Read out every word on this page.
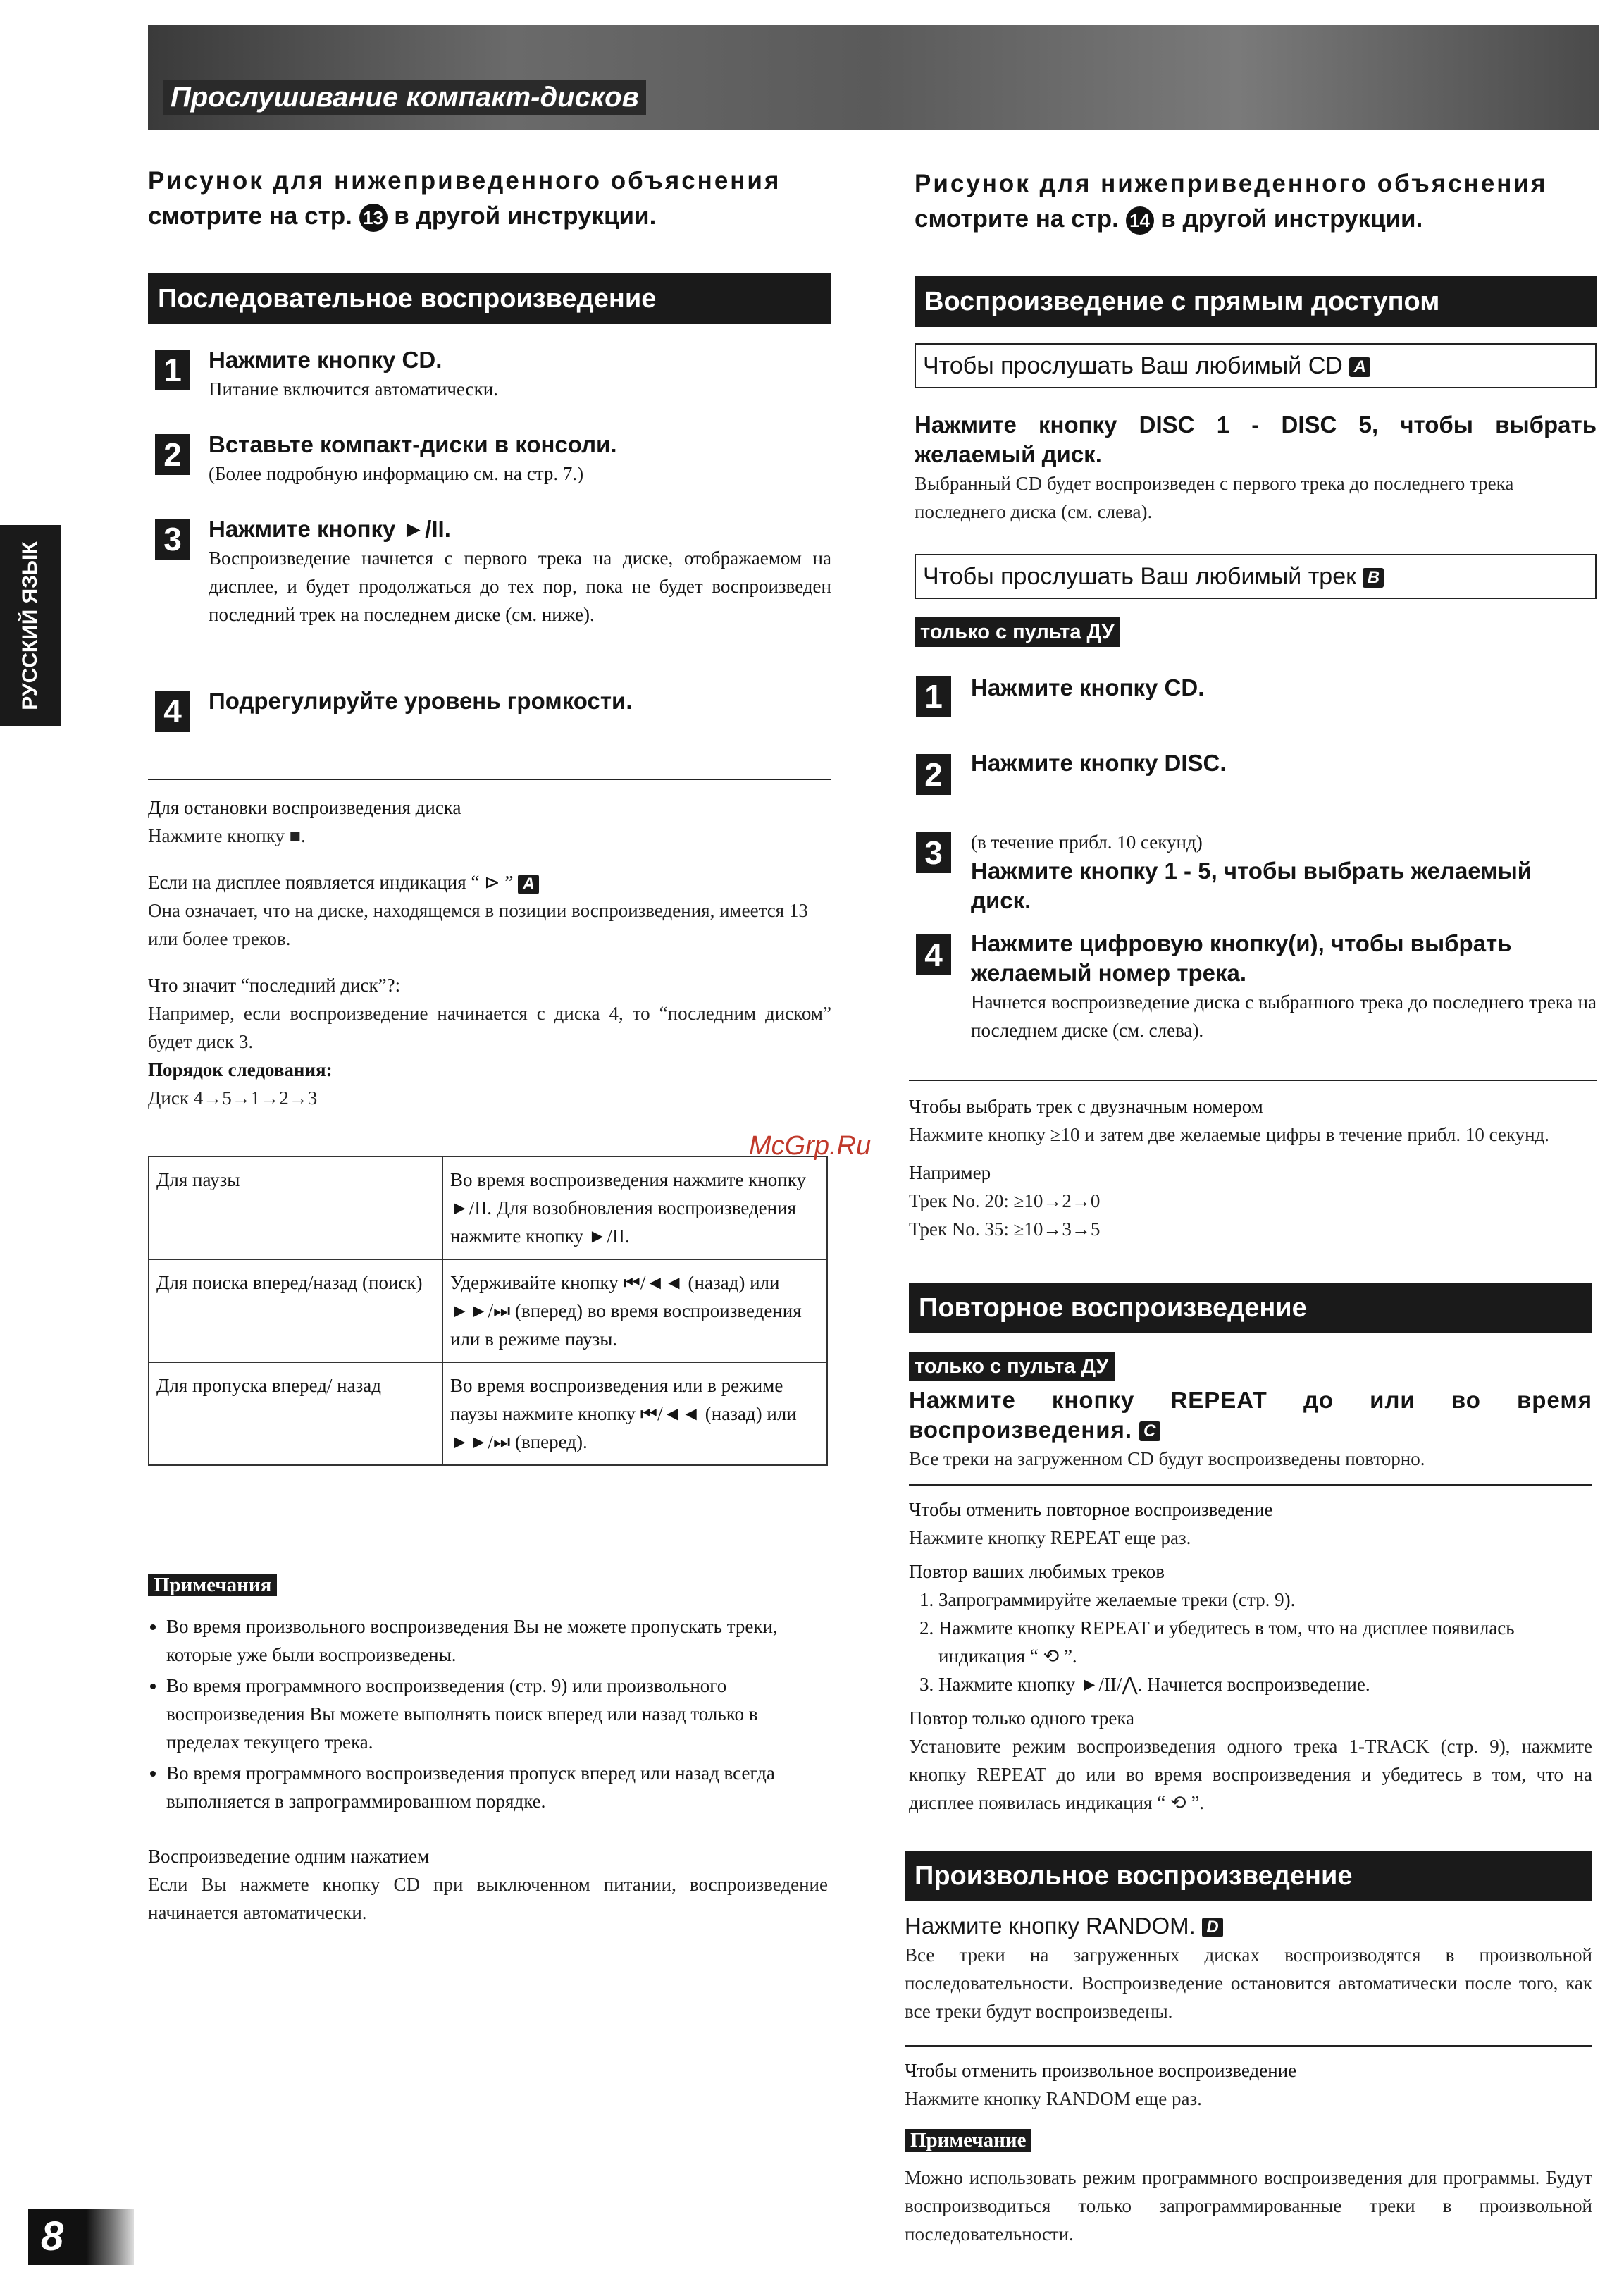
Прослушивание компакт-дисков
РУССКИЙ ЯЗЫК
Рисунок для нижеприведенного объяснения
смотрите на стр. 13 в другой инструкции.
Последовательное воспроизведение
1	Нажмите кнопку CD.
Питание включится автоматически.
2	Вставьте компакт-диски в консоли.
(Более подробную информацию см. на стр. 7.)
3	Нажмите кнопку ►/II.
Воспроизведение начнется с первого трека на диске, отображаемом на дисплее, и будет продолжаться до тех пор, пока не будет воспроизведен последний трек на последнем диске (см. ниже).
4	Подрегулируйте уровень громкости.
Для остановки воспроизведения диска
Нажмите кнопку ■.
Если на дисплее появляется индикация “ ⊳ ” A
Она означает, что на диске, находящемся в позиции воспроизведения, имеется 13 или более треков.
Что значит “последний диск”?:
Например, если воспроизведение начинается с диска 4, то “последним диском” будет диск 3.
Порядок следования:
Диск 4→5→1→2→3
Для паузы	Во время воспроизведения нажмите кнопку ►/II. Для возобновления воспроизведения нажмите кнопку ►/II.
Для поиска вперед/назад (поиск)	Удерживайте кнопку ⏮/◄◄ (назад) или ►►/⏭ (вперед) во время воспроизведения или в режиме паузы.
Для пропуска вперед/ назад	Во время воспроизведения или в режиме паузы нажмите кнопку ⏮/◄◄ (назад) или ►►/⏭ (вперед).
Примечания
• Во время произвольного воспроизведения Вы не можете пропускать треки, которые уже были воспроизведены.
• Во время программного воспроизведения (стр. 9) или произвольного воспроизведения Вы можете выполнять поиск вперед или назад только в пределах текущего трека.
• Во время программного воспроизведения пропуск вперед или назад всегда выполняется в запрограммированном порядке.
Воспроизведение одним нажатием
Если Вы нажмете кнопку CD при выключенном питании, воспроизведение начинается автоматически.
Рисунок для нижеприведенного объяснения
смотрите на стр. 14 в другой инструкции.
Воспроизведение с прямым доступом
Чтобы прослушать Ваш любимый CD A
Нажмите кнопку DISC 1 - DISC 5, чтобы выбрать желаемый диск.
Выбранный CD будет воспроизведен с первого трека до последнего трека последнего диска (см. слева).
Чтобы прослушать Ваш любимый трек B
только с пульта ДУ
1	Нажмите кнопку CD.
2	Нажмите кнопку DISC.
3	(в течение прибл. 10 секунд)
Нажмите кнопку 1 - 5, чтобы выбрать желаемый диск.
4	Нажмите цифровую кнопку(и), чтобы выбрать желаемый номер трека.
Начнется воспроизведение диска с выбранного трека до последнего трека на последнем диске (см. слева).
Чтобы выбрать трек с двузначным номером
Нажмите кнопку ≥10 и затем две желаемые цифры в течение прибл. 10 секунд.
Например
Трек No. 20: ≥10→2→0
Трек No. 35: ≥10→3→5
Повторное воспроизведение
только с пульта ДУ
Нажмите кнопку REPEAT до или во время воспроизведения. C
Все треки на загруженном CD будут воспроизведены повторно.
Чтобы отменить повторное воспроизведение
Нажмите кнопку REPEAT еще раз.
Повтор ваших любимых треков
1. Запрограммируйте желаемые треки (стр. 9).
2. Нажмите кнопку REPEAT и убедитесь в том, что на дисплее появилась индикация “ ⟲ ”.
3. Нажмите кнопку ►/II/⋀. Начнется воспроизведение.
Повтор только одного трека
Установите режим воспроизведения одного трека 1-TRACK (стр. 9), нажмите кнопку REPEAT до или во время воспроизведения и убедитесь в том, что на дисплее появилась индикация “ ⟲ ”.
Произвольное воспроизведение
Нажмите кнопку RANDOM. D
Все треки на загруженных дисках воспроизводятся в произвольной последовательности. Воспроизведение остановится автоматически после того, как все треки будут воспроизведены.
Чтобы отменить произвольное воспроизведение
Нажмите кнопку RANDOM еще раз.
Примечание
Можно использовать режим программного воспроизведения для программы. Будут воспроизводиться только запрограммированные треки в произвольной последовательности.
McGrp.Ru
8
